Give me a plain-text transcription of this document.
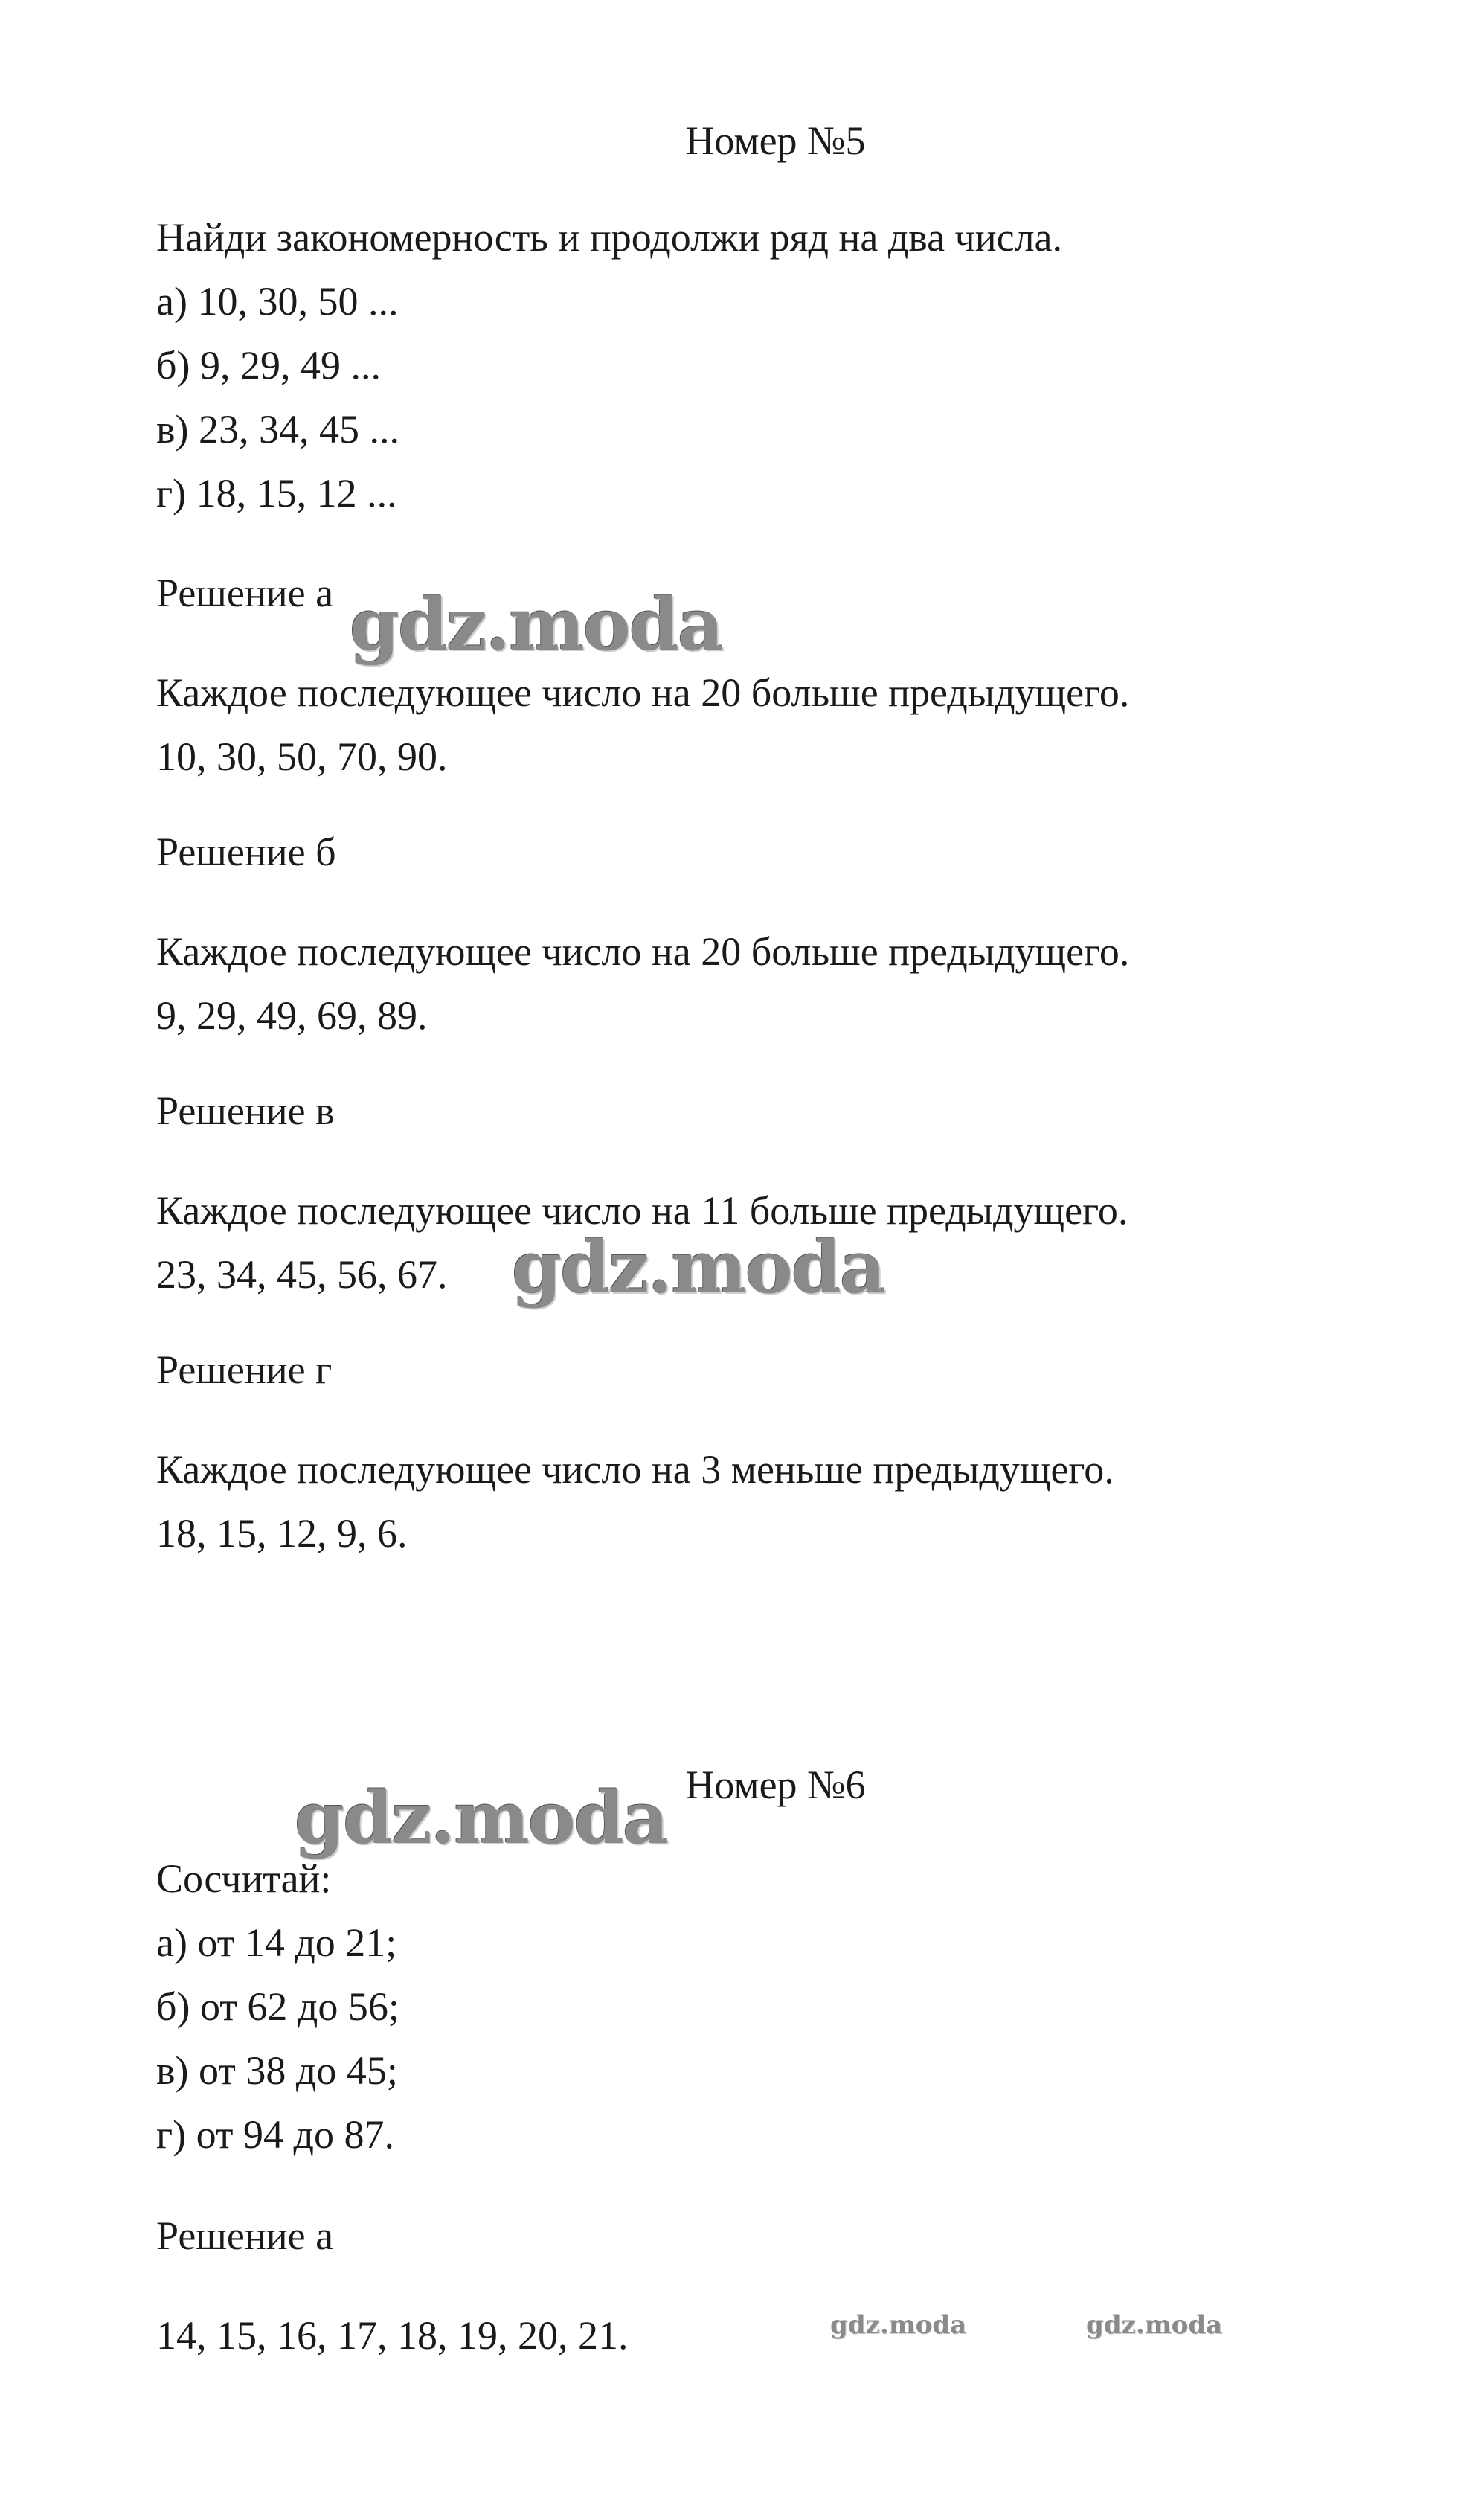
Номер №5
Найди закономерность и продолжи ряд на два числа.
а) 10, 30, 50 ...
б) 9, 29, 49 ...
в) 23, 34, 45 ...
г) 18, 15, 12 ...
Решение а
Каждое последующее число на 20 больше предыдущего.
10, 30, 50, 70, 90.
Решение б
Каждое последующее число на 20 больше предыдущего.
9, 29, 49, 69, 89.
Решение в
Каждое последующее число на 11 больше предыдущего.
23, 34, 45, 56, 67.
Решение г
Каждое последующее число на 3 меньше предыдущего.
18, 15, 12, 9, 6.
Номер №6
Сосчитай:
а) от 14 до 21;
б) от 62 до 56;
в) от 38 до 45;
г) от 94 до 87.
Решение а
14, 15, 16, 17, 18, 19, 20, 21.
gdz.moda
gdz.moda
gdz.moda
gdz.moda	gdz.moda
